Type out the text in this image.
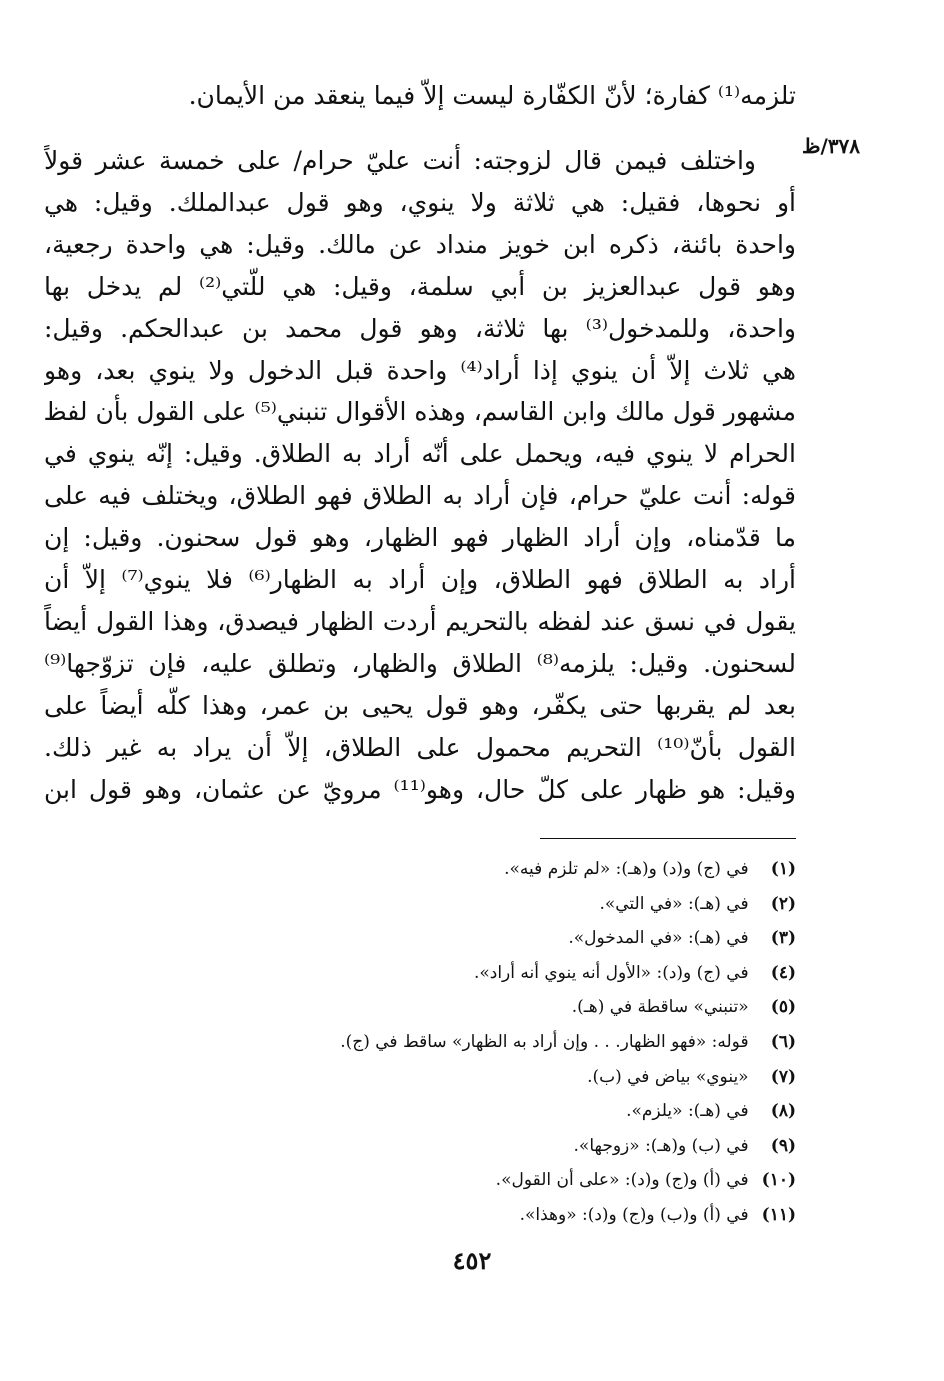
تلزمه⁽¹⁾ كفارة؛ لأنّ الكفّارة ليست إلاّ فيما ينعقد من الأيمان.
٣٧٨/ظ
واختلف فيمن قال لزوجته: أنت عليّ حرام/ على خمسة عشر قولاً
أو نحوها، فقيل: هي ثلاثة ولا ينوي، وهو قول عبدالملك. وقيل: هي
واحدة بائنة، ذكره ابن خويز منداد عن مالك. وقيل: هي واحدة رجعية،
وهو قول عبدالعزيز بن أبي سلمة، وقيل: هي للّتي⁽²⁾ لم يدخل بها
واحدة، وللمدخول⁽³⁾ بها ثلاثة، وهو قول محمد بن عبدالحكم. وقيل:
هي ثلاث إلاّ أن ينوي إذا أراد⁽⁴⁾ واحدة قبل الدخول ولا ينوي بعد، وهو
مشهور قول مالك وابن القاسم، وهذه الأقوال تنبني⁽⁵⁾ على القول بأن لفظ
الحرام لا ينوي فيه، ويحمل على أنّه أراد به الطلاق. وقيل: إنّه ينوي في
قوله: أنت عليّ حرام، فإن أراد به الطلاق فهو الطلاق، ويختلف فيه على
ما قدّمناه، وإن أراد الظهار فهو الظهار، وهو قول سحنون. وقيل: إن
أراد به الطلاق فهو الطلاق، وإن أراد به الظهار⁽⁶⁾ فلا ينوي⁽⁷⁾ إلاّ أن
يقول في نسق عند لفظه بالتحريم أردت الظهار فيصدق، وهذا القول أيضاً
لسحنون. وقيل: يلزمه⁽⁸⁾ الطلاق والظهار، وتطلق عليه، فإن تزوّجها⁽⁹⁾
بعد لم يقربها حتى يكفّر، وهو قول يحيى بن عمر، وهذا كلّه أيضاً على
القول بأنّ⁽¹⁰⁾ التحريم محمول على الطلاق، إلاّ أن يراد به غير ذلك.
وقيل: هو ظهار على كلّ حال، وهو⁽¹¹⁾ مرويّ عن عثمان، وهو قول ابن
(١) في (ج) و(د) و(هـ): «لم تلزم فيه».
(٢) في (هـ): «في التي».
(٣) في (هـ): «في المدخول».
(٤) في (ج) و(د): «الأول أنه ينوي أنه أراد».
(٥) «تنبني» ساقطة في (هـ).
(٦) قوله: «فهو الظهار. . . وإن أراد به الظهار» ساقط في (ج).
(٧) «ينوي» بياض في (ب).
(٨) في (هـ): «يلزم».
(٩) في (ب) و(هـ): «زوجها».
(١٠) في (أ) و(ج) و(د): «على أن القول».
(١١) في (أ) و(ب) و(ج) و(د): «وهذا».
٤٥٢
